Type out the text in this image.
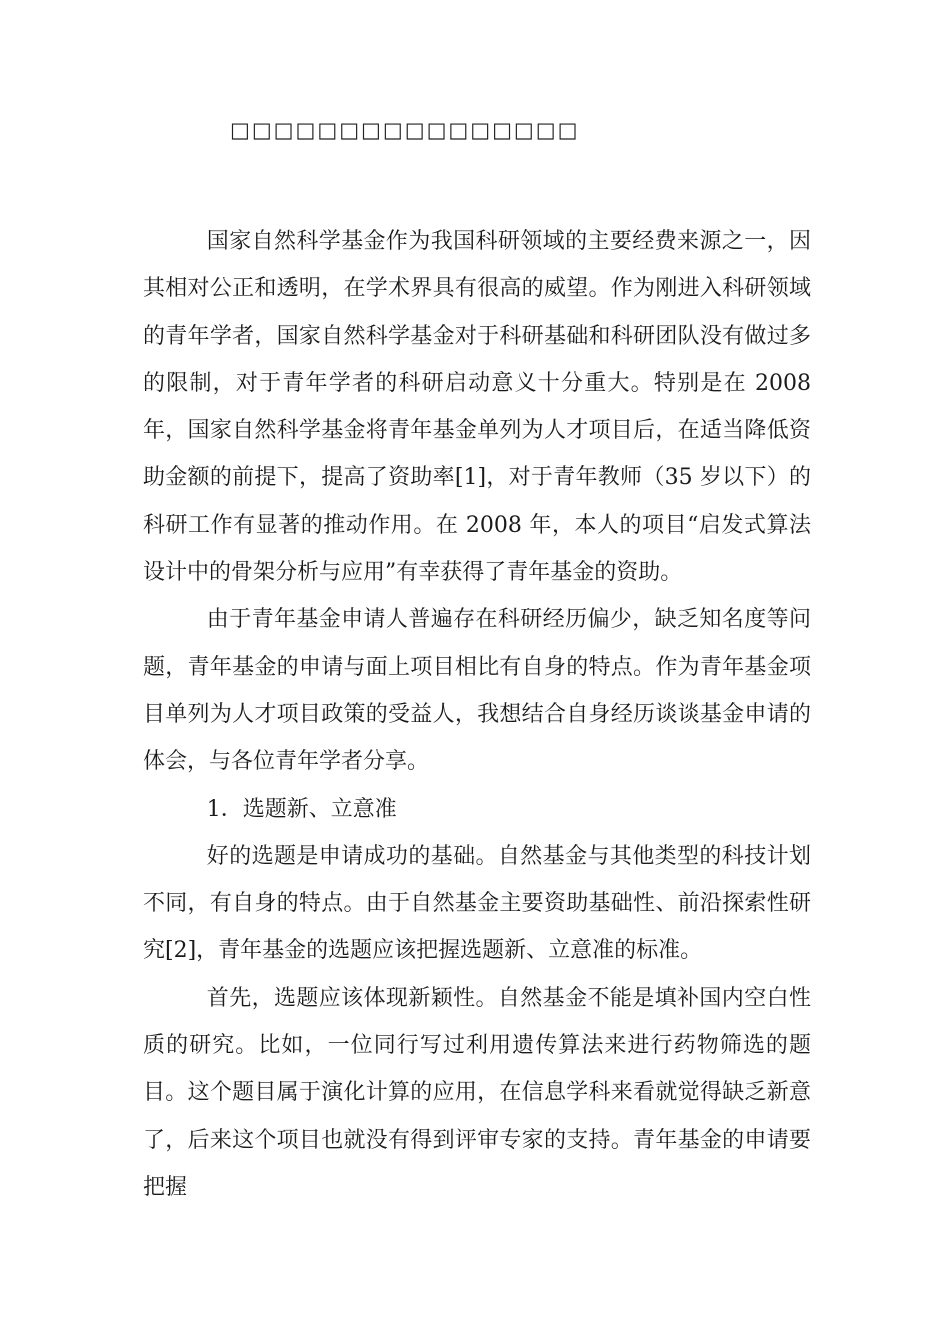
□□□□□□□□□□□□□□□□

国家自然科学基金作为我国科研领域的主要经费来源之一，因其相对公正和透明，在学术界具有很高的威望。作为刚进入科研领域的青年学者，国家自然科学基金对于科研基础和科研团队没有做过多的限制，对于青年学者的科研启动意义十分重大。特别是在 2008 年，国家自然科学基金将青年基金单列为人才项目后，在适当降低资助金额的前提下，提高了资助率[1]，对于青年教师（35 岁以下）的科研工作有显著的推动作用。在 2008 年，本人的项目“启发式算法设计中的骨架分析与应用”有幸获得了青年基金的资助。

由于青年基金申请人普遍存在科研经历偏少，缺乏知名度等问题，青年基金的申请与面上项目相比有自身的特点。作为青年基金项目单列为人才项目政策的受益人，我想结合自身经历谈谈基金申请的体会，与各位青年学者分享。

1．选题新、立意准

好的选题是申请成功的基础。自然基金与其他类型的科技计划不同，有自身的特点。由于自然基金主要资助基础性、前沿探索性研究[2]，青年基金的选题应该把握选题新、立意准的标准。

首先，选题应该体现新颖性。自然基金不能是填补国内空白性质的研究。比如，一位同行写过利用遗传算法来进行药物筛选的题目。这个题目属于演化计算的应用，在信息学科来看就觉得缺乏新意了，后来这个项目也就没有得到评审专家的支持。青年基金的申请要把握
